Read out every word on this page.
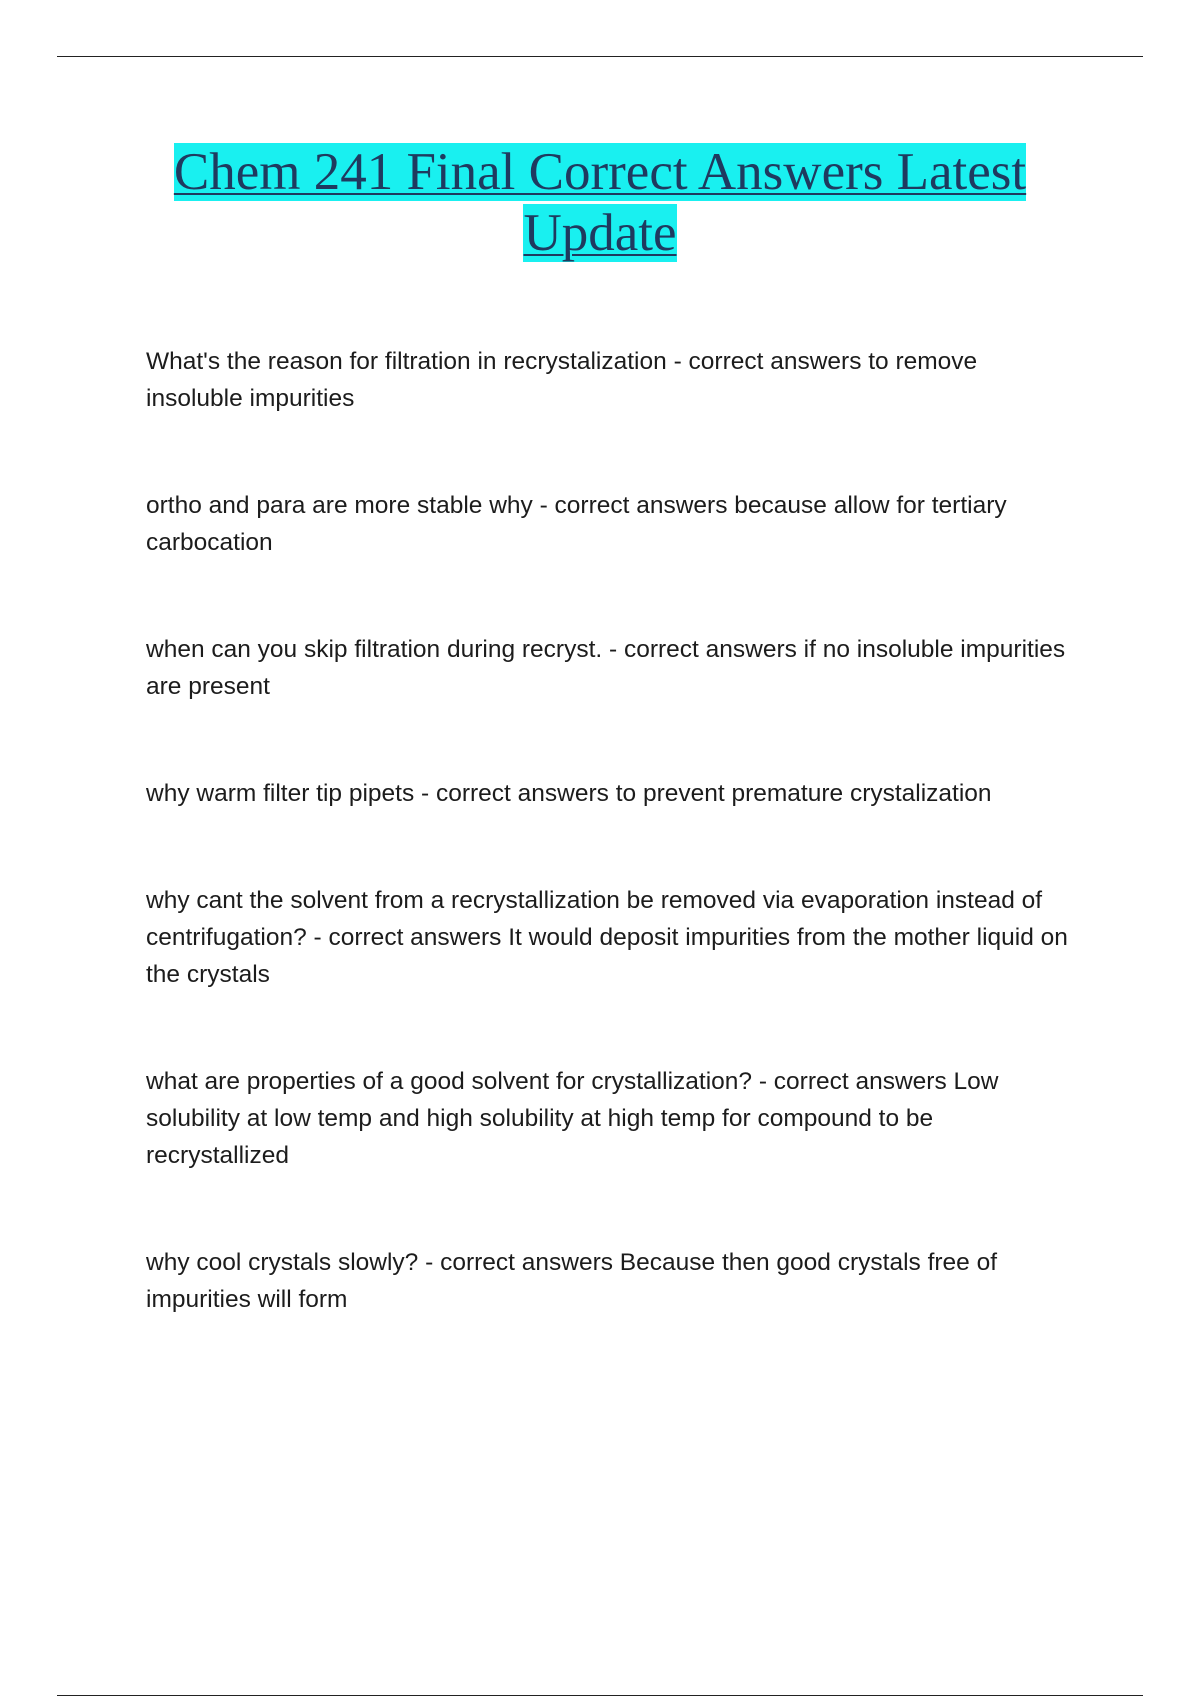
Chem 241 Final Correct Answers Latest Update
What's the reason for filtration in recrystalization - correct answers to remove insoluble impurities
ortho and para are more stable why - correct answers because allow for tertiary carbocation
when can you skip filtration during recryst. - correct answers if no insoluble impurities are present
why warm filter tip pipets - correct answers to prevent premature crystalization
why cant the solvent from a recrystallization be removed via evaporation instead of centrifugation? - correct answers It would deposit impurities from the mother liquid on the crystals
what are properties of a good solvent for crystallization? - correct answers Low solubility at low temp and high solubility at high temp for compound to be recrystallized
why cool crystals slowly? - correct answers Because then good crystals free of impurities will form
